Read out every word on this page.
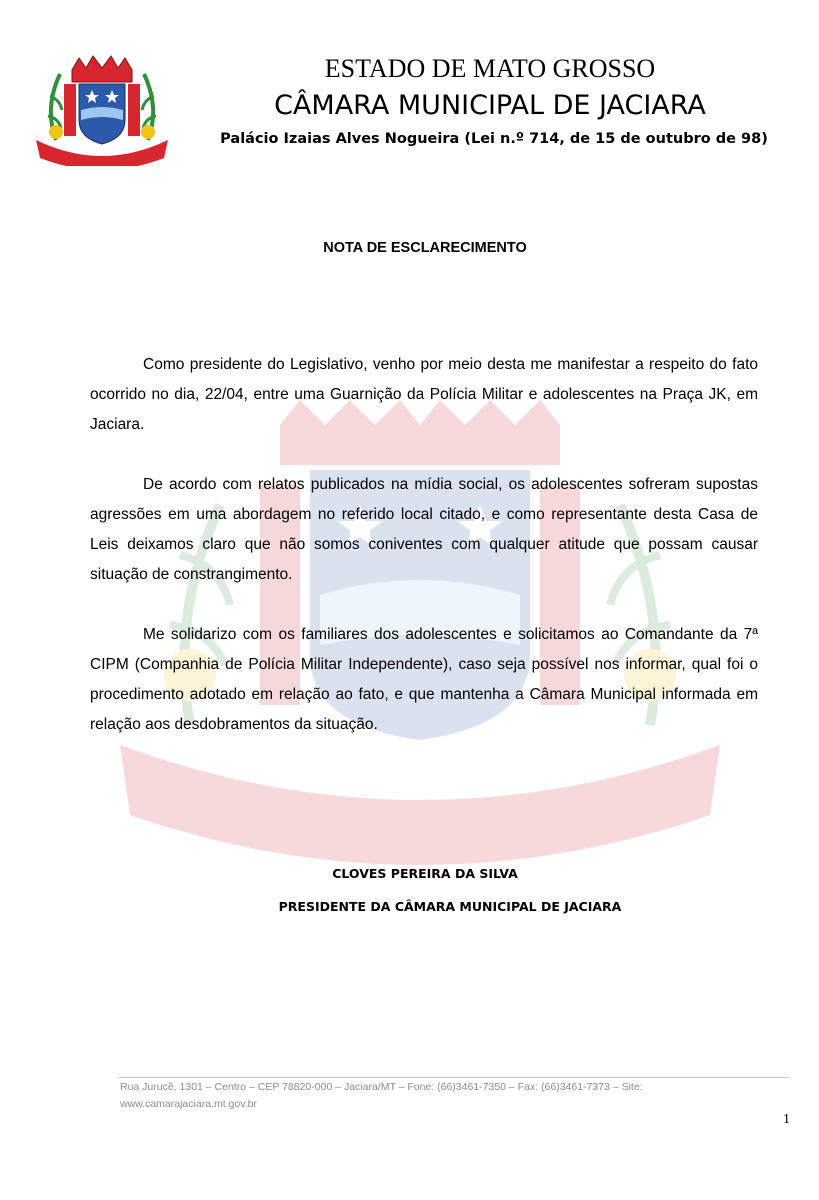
ESTADO DE MATO GROSSO
CÂMARA MUNICIPAL DE JACIARA
Palácio Izaias Alves Nogueira (Lei n.º 714, de 15 de outubro de 98)
NOTA DE ESCLARECIMENTO

Como presidente do Legislativo, venho por meio desta me manifestar a respeito do fato ocorrido no dia, 22/04, entre uma Guarnição da Polícia Militar e adolescentes na Praça JK, em Jaciara.

De acordo com relatos publicados na mídia social, os adolescentes sofreram supostas agressões em uma abordagem no referido local citado, e como representante desta Casa de Leis deixamos claro que não somos coniventes com qualquer atitude que possam causar situação de constrangimento.

Me solidarizo com os familiares dos adolescentes e solicitamos ao Comandante da 7ª CIPM (Companhia de Polícia Militar Independente), caso seja possível nos informar, qual foi o procedimento adotado em relação ao fato, e que mantenha a Câmara Municipal informada em relação aos desdobramentos da situação.

CLOVES PEREIRA DA SILVA
PRESIDENTE DA CÂMARA MUNICIPAL DE JACIARA
Rua Jurucê, 1301 – Centro – CEP 78820-000 – Jaciara/MT – Fone: (66)3461-7350 – Fax: (66)3461-7373 – Site: www.camarajaciara.mt.gov.br
1
